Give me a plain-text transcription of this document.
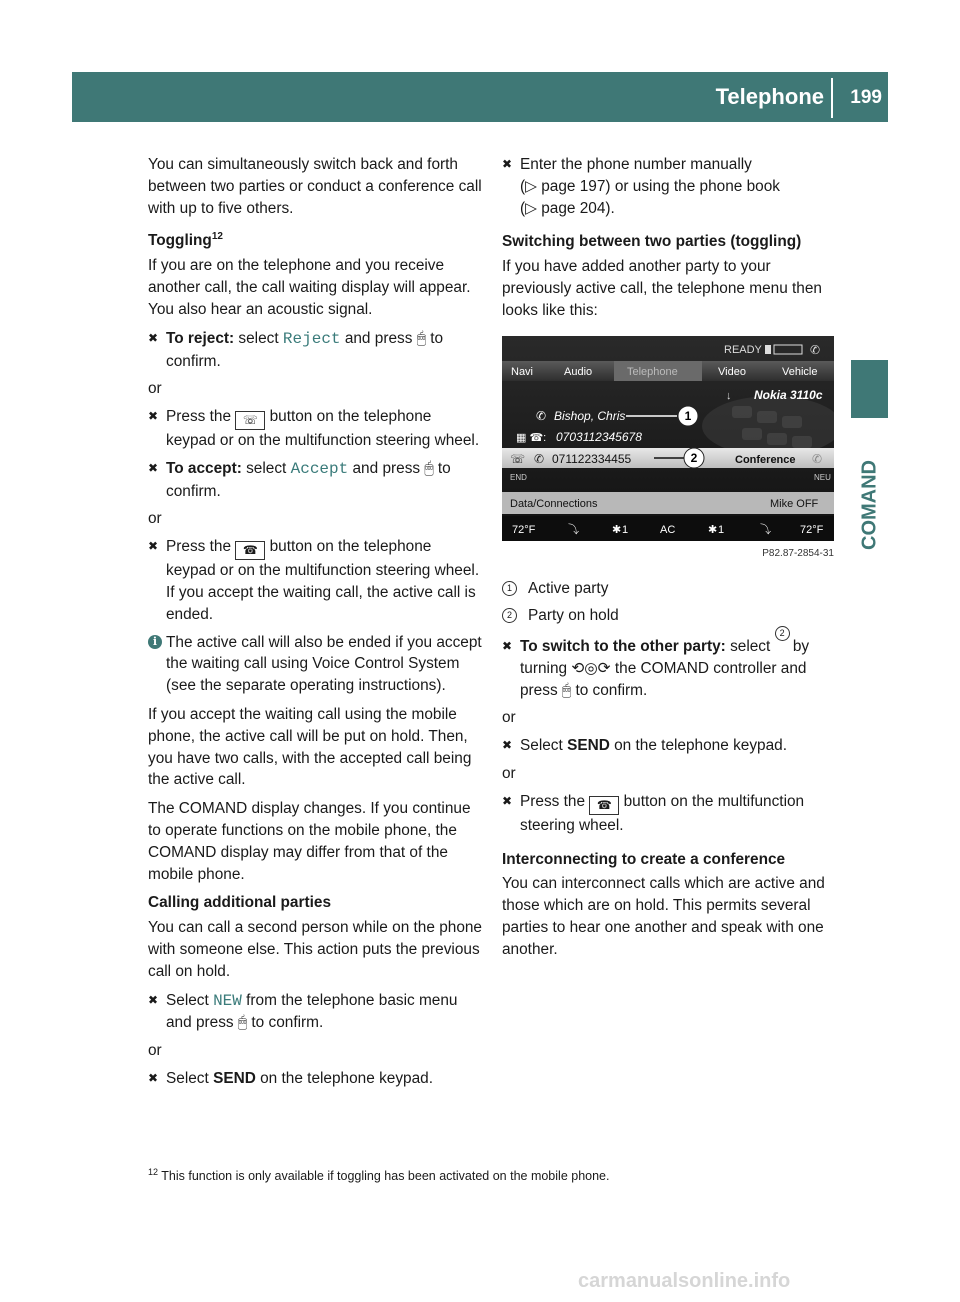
Telephone 199
COMAND

You can simultaneously switch back and forth between two parties or conduct a conference call with up to five others.

Toggling$^{12}$

If you are on the telephone and you receive another call, the call waiting display will appear. You also hear an acoustic signal.

✖ To reject: select Reject and press 🖱 to confirm.
or
✖ Press the ☏ button on the telephone keypad or on the multifunction steering wheel.
✖ To accept: select Accept and press 🖱 to confirm.
or
✖ Press the ☎ button on the telephone keypad or on the multifunction steering wheel.
If you accept the waiting call, the active call is ended.
i The active call will also be ended if you accept the waiting call using Voice Control System (see the separate operating instructions).

If you accept the waiting call using the mobile phone, the active call will be put on hold. Then, you have two calls, with the accepted call being the active call.

The COMAND display changes. If you continue to operate functions on the mobile phone, the COMAND display may differ from that of the mobile phone.

Calling additional parties

You can call a second person while on the phone with someone else. This action puts the previous call on hold.

✖ Select NEW from the telephone basic menu and press 🖱 to confirm.
or
✖ Select SEND on the telephone keypad.
✖ Enter the phone number manually
(▷ page 197) or using the phone book
(▷ page 204).
Switching between two parties (toggling)

If you have added another party to your previously active call, the telephone menu then looks like this:

READY	✆
Navi	Audio	Telephone	Video	Vehicle
Nokia 3110c
↓
✆ Bishop, Chris	1
▦ ☎: 0703112345678
☏ ✆ 071122334455	2	Conference ✆
END	NEU
Data/Connections	Mike OFF
72°F	⤵	✱ 1	AC	✱ 1	⤵	72°F
P82.87-2854-31
1	Active party
2	Party on hold
✖ To switch to the other party: select
2
by turning ⟲◎⟳ the COMAND controller and press 🖱 to confirm.
or
✖ Select SEND on the telephone keypad.
or
✖ Press the ☎ button on the multifunction steering wheel.
Interconnecting to create a conference

You can interconnect calls which are active and those which are on hold. This permits several parties to hear one another and speak with one another.

$^{12}$ This function is only available if toggling has been activated on the mobile phone.
carmanualsonline.info
